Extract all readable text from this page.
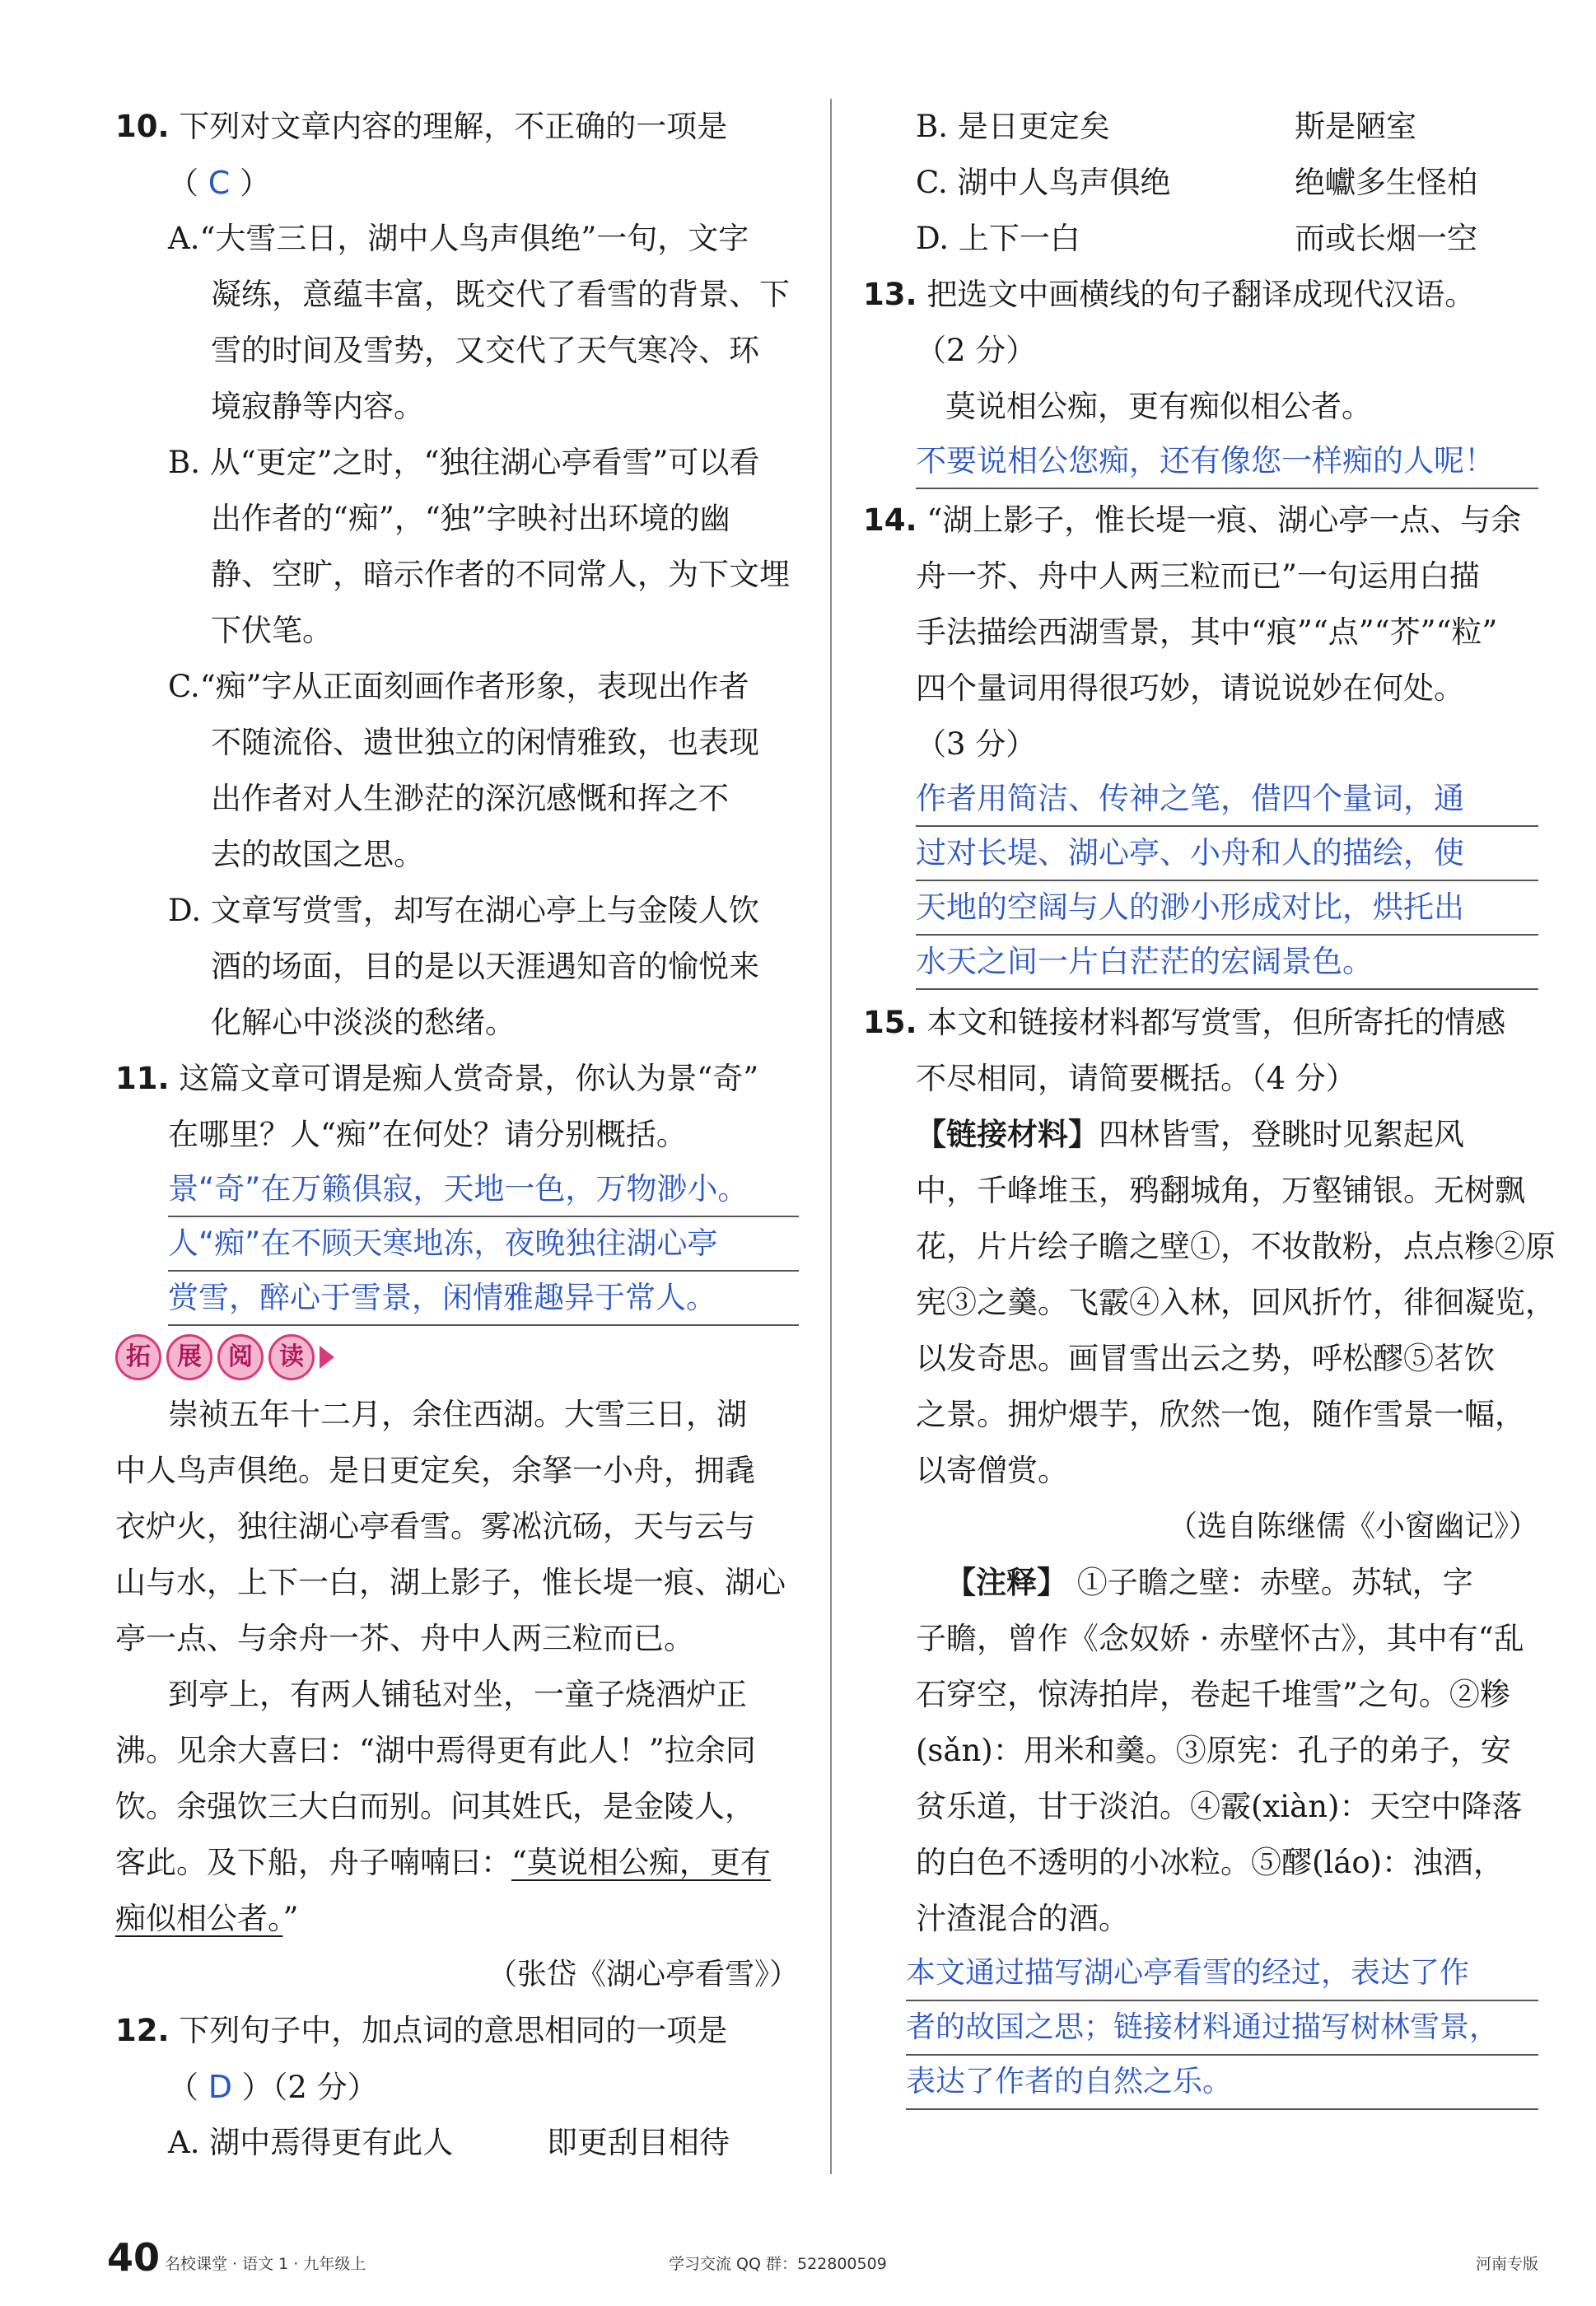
10. 下列对文章内容的理解，不正确的一项是
（ C ）
A.“大雪三日，湖中人鸟声俱绝”一句，文字
凝练，意蕴丰富，既交代了看雪的背景、下
雪的时间及雪势，又交代了天气寒冷、环
境寂静等内容。
B. 从“更定”之时，“独往湖心亭看雪”可以看
出作者的“痴”，“独”字映衬出环境的幽
静、空旷，暗示作者的不同常人，为下文埋
下伏笔。
C.“痴”字从正面刻画作者形象，表现出作者
不随流俗、遗世独立的闲情雅致，也表现
出作者对人生渺茫的深沉感慨和挥之不
去的故国之思。
D. 文章写赏雪，却写在湖心亭上与金陵人饮
酒的场面，目的是以天涯遇知音的愉悦来
化解心中淡淡的愁绪。
11. 这篇文章可谓是痴人赏奇景，你认为景“奇”
在哪里？人“痴”在何处？请分别概括。
景“奇”在万籁俱寂，天地一色，万物渺小。
人“痴”在不顾天寒地冻，夜晚独往湖心亭
赏雪，醉心于雪景，闲情雅趣异于常人。
拓	展	阅	读
崇祯五年十二月，余住西湖。大雪三日，湖
中人鸟声俱绝。是日更定矣，余拏一小舟，拥毳
衣炉火，独往湖心亭看雪。雾凇沆砀，天与云与
山与水，上下一白，湖上影子，惟长堤一痕、湖心
亭一点、与余舟一芥、舟中人两三粒而已。
到亭上，有两人铺毡对坐，一童子烧酒炉正
沸。见余大喜曰：“湖中焉得更有此人！”拉余同
饮。余强饮三大白而别。问其姓氏，是金陵人，
客此。及下船，舟子喃喃曰：“莫说相公痴，更有
痴似相公者。”
（张岱《湖心亭看雪》）
12. 下列句子中，加点词的意思相同的一项是
（ D ）（2 分）
A. 湖中焉得更有此人	即更刮目相待
B. 是日更定矣	斯是陋室
C. 湖中人鸟声俱绝	绝巘多生怪柏
D. 上下一白	而或长烟一空
13. 把选文中画横线的句子翻译成现代汉语。
（2 分）
莫说相公痴，更有痴似相公者。
不要说相公您痴，还有像您一样痴的人呢！
14. “湖上影子，惟长堤一痕、湖心亭一点、与余
舟一芥、舟中人两三粒而已”一句运用白描
手法描绘西湖雪景，其中“痕”“点”“芥”“粒”
四个量词用得很巧妙，请说说妙在何处。
（3 分）
作者用简洁、传神之笔，借四个量词，通
过对长堤、湖心亭、小舟和人的描绘，使
天地的空阔与人的渺小形成对比，烘托出
水天之间一片白茫茫的宏阔景色。
15. 本文和链接材料都写赏雪，但所寄托的情感
不尽相同，请简要概括。（4 分）
【链接材料】四林皆雪，登眺时见絮起风
中，千峰堆玉，鸦翻城角，万壑铺银。无树飘
花，片片绘子瞻之壁①，不妆散粉，点点糁②原
宪③之羹。飞霰④入林，回风折竹，徘徊凝览，
以发奇思。画冒雪出云之势，呼松醪⑤茗饮
之景。拥炉煨芋，欣然一饱，随作雪景一幅，
以寄僧赏。
（选自陈继儒《小窗幽记》）
【注释】 ①子瞻之壁：赤壁。苏轼，字
子瞻，曾作《念奴娇 · 赤壁怀古》，其中有“乱
石穿空，惊涛拍岸，卷起千堆雪”之句。②糁
(sǎn)：用米和羹。③原宪：孔子的弟子，安
贫乐道，甘于淡泊。④霰(xiàn)：天空中降落
的白色不透明的小冰粒。⑤醪(láo)：浊酒，
汁渣混合的酒。
本文通过描写湖心亭看雪的经过，表达了作
者的故国之思；链接材料通过描写树林雪景，
表达了作者的自然之乐。
40 名校课堂 · 语文 1 · 九年级上	学习交流 QQ 群：522800509	河南专版
